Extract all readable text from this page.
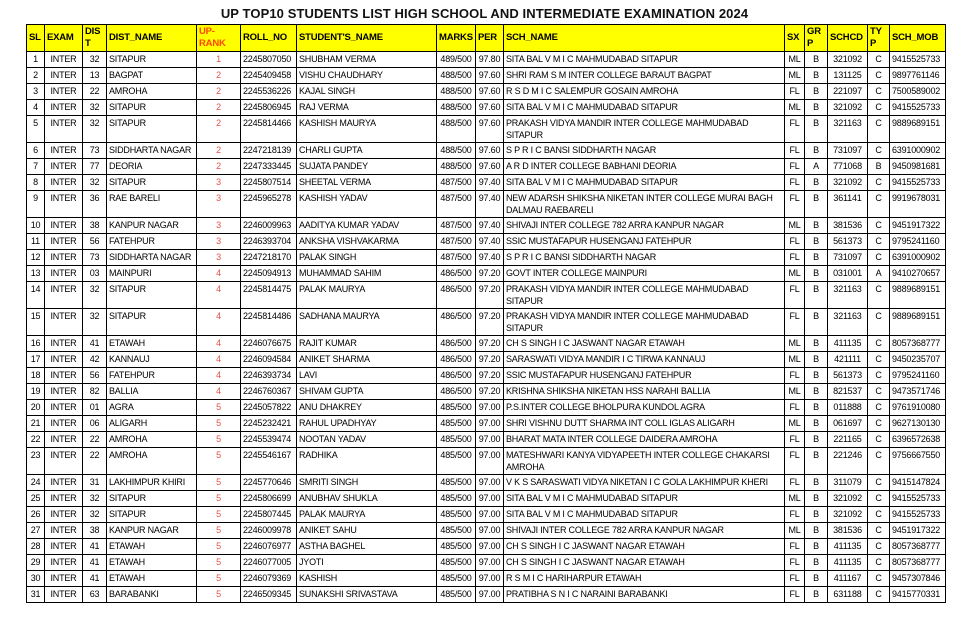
UP TOP10 STUDENTS LIST HIGH SCHOOL AND INTERMEDIATE EXAMINATION 2024
SL	EXAM	DIST	DIST_NAME	UP-RANK	ROLL_NO	STUDENT'S_NAME	MARKS	PER	SCH_NAME	SX	GRP	SCHCD	TYP	SCH_MOB
1	INTER	32	SITAPUR	1	2245807050	SHUBHAM VERMA	489/500	97.80	SITA BAL V M I C MAHMUDABAD SITAPUR	ML	B	321092	C	9415525733
2	INTER	13	BAGPAT	2	2245409458	VISHU CHAUDHARY	488/500	97.60	SHRI RAM S M INTER COLLEGE BARAUT BAGPAT	ML	B	131125	C	9897761146
3	INTER	22	AMROHA	2	2245536226	KAJAL SINGH	488/500	97.60	R S D M I C SALEMPUR GOSAIN AMROHA	FL	B	221097	C	7500589002
4	INTER	32	SITAPUR	2	2245806945	RAJ VERMA	488/500	97.60	SITA BAL V M I C MAHMUDABAD SITAPUR	ML	B	321092	C	9415525733
5	INTER	32	SITAPUR	2	2245814466	KASHISH MAURYA	488/500	97.60	PRAKASH VIDYA MANDIR INTER COLLEGE MAHMUDABAD SITAPUR	FL	B	321163	C	9889689151
6	INTER	73	SIDDHARTA NAGAR	2	2247218139	CHARLI GUPTA	488/500	97.60	S P R I C BANSI SIDDHARTH NAGAR	FL	B	731097	C	6391000902
7	INTER	77	DEORIA	2	2247333445	SUJATA PANDEY	488/500	97.60	A R D INTER COLLEGE BABHANI DEORIA	FL	A	771068	B	9450981681
8	INTER	32	SITAPUR	3	2245807514	SHEETAL VERMA	487/500	97.40	SITA BAL V M I C MAHMUDABAD SITAPUR	FL	B	321092	C	9415525733
9	INTER	36	RAE BARELI	3	2245965278	KASHISH YADAV	487/500	97.40	NEW ADARSH SHIKSHA NIKETAN INTER COLLEGE MURAI BAGH DALMAU RAEBARELI	FL	B	361141	C	9919678031
10	INTER	38	KANPUR NAGAR	3	2246009963	AADITYA KUMAR YADAV	487/500	97.40	SHIVAJI INTER COLLEGE 782 ARRA KANPUR NAGAR	ML	B	381536	C	9451917322
11	INTER	56	FATEHPUR	3	2246393704	ANKSHA VISHVAKARMA	487/500	97.40	SSIC MUSTAFAPUR HUSENGANJ FATEHPUR	FL	B	561373	C	9795241160
12	INTER	73	SIDDHARTA NAGAR	3	2247218170	PALAK SINGH	487/500	97.40	S P R I C BANSI SIDDHARTH NAGAR	FL	B	731097	C	6391000902
13	INTER	03	MAINPURI	4	2245094913	MUHAMMAD SAHIM	486/500	97.20	GOVT INTER COLLEGE MAINPURI	ML	B	031001	A	9410270657
14	INTER	32	SITAPUR	4	2245814475	PALAK MAURYA	486/500	97.20	PRAKASH VIDYA MANDIR INTER COLLEGE MAHMUDABAD SITAPUR	FL	B	321163	C	9889689151
15	INTER	32	SITAPUR	4	2245814486	SADHANA MAURYA	486/500	97.20	PRAKASH VIDYA MANDIR INTER COLLEGE MAHMUDABAD SITAPUR	FL	B	321163	C	9889689151
16	INTER	41	ETAWAH	4	2246076675	RAJIT KUMAR	486/500	97.20	CH S SINGH I C JASWANT NAGAR ETAWAH	ML	B	411135	C	8057368777
17	INTER	42	KANNAUJ	4	2246094584	ANIKET SHARMA	486/500	97.20	SARASWATI VIDYA MANDIR I C TIRWA KANNAUJ	ML	B	421111	C	9450235707
18	INTER	56	FATEHPUR	4	2246393734	LAVI	486/500	97.20	SSIC MUSTAFAPUR HUSENGANJ FATEHPUR	FL	B	561373	C	9795241160
19	INTER	82	BALLIA	4	2246760367	SHIVAM GUPTA	486/500	97.20	KRISHNA SHIKSHA NIKETAN HSS NARAHI BALLIA	ML	B	821537	C	9473571746
20	INTER	01	AGRA	5	2245057822	ANU DHAKREY	485/500	97.00	P.S.INTER COLLEGE BHOLPURA KUNDOL AGRA	FL	B	011888	C	9761910080
21	INTER	06	ALIGARH	5	2245232421	RAHUL UPADHYAY	485/500	97.00	SHRI VISHNU DUTT SHARMA INT COLL IGLAS ALIGARH	ML	B	061697	C	9627130130
22	INTER	22	AMROHA	5	2245539474	NOOTAN YADAV	485/500	97.00	BHARAT MATA INTER COLLEGE DAIDERA AMROHA	FL	B	221165	C	6396572638
23	INTER	22	AMROHA	5	2245546167	RADHIKA	485/500	97.00	MATESHWARI KANYA VIDYAPEETH INTER COLLEGE CHAKARSI AMROHA	FL	B	221246	C	9756667550
24	INTER	31	LAKHIMPUR KHIRI	5	2245770646	SMRITI SINGH	485/500	97.00	V K S SARASWATI VIDYA NIKETAN I C GOLA LAKHIMPUR KHERI	FL	B	311079	C	9415147824
25	INTER	32	SITAPUR	5	2245806699	ANUBHAV SHUKLA	485/500	97.00	SITA BAL V M I C MAHMUDABAD SITAPUR	ML	B	321092	C	9415525733
26	INTER	32	SITAPUR	5	2245807445	PALAK MAURYA	485/500	97.00	SITA BAL V M I C MAHMUDABAD SITAPUR	FL	B	321092	C	9415525733
27	INTER	38	KANPUR NAGAR	5	2246009978	ANIKET SAHU	485/500	97.00	SHIVAJI INTER COLLEGE 782 ARRA KANPUR NAGAR	ML	B	381536	C	9451917322
28	INTER	41	ETAWAH	5	2246076977	ASTHA BAGHEL	485/500	97.00	CH S SINGH I C JASWANT NAGAR ETAWAH	FL	B	411135	C	8057368777
29	INTER	41	ETAWAH	5	2246077005	JYOTI	485/500	97.00	CH S SINGH I C JASWANT NAGAR ETAWAH	FL	B	411135	C	8057368777
30	INTER	41	ETAWAH	5	2246079369	KASHISH	485/500	97.00	R S M I C HARIHARPUR ETAWAH	FL	B	411167	C	9457307846
31	INTER	63	BARABANKI	5	2246509345	SUNAKSHI SRIVASTAVA	485/500	97.00	PRATIBHA S N I C NARAINI BARABANKI	FL	B	631188	C	9415770331
